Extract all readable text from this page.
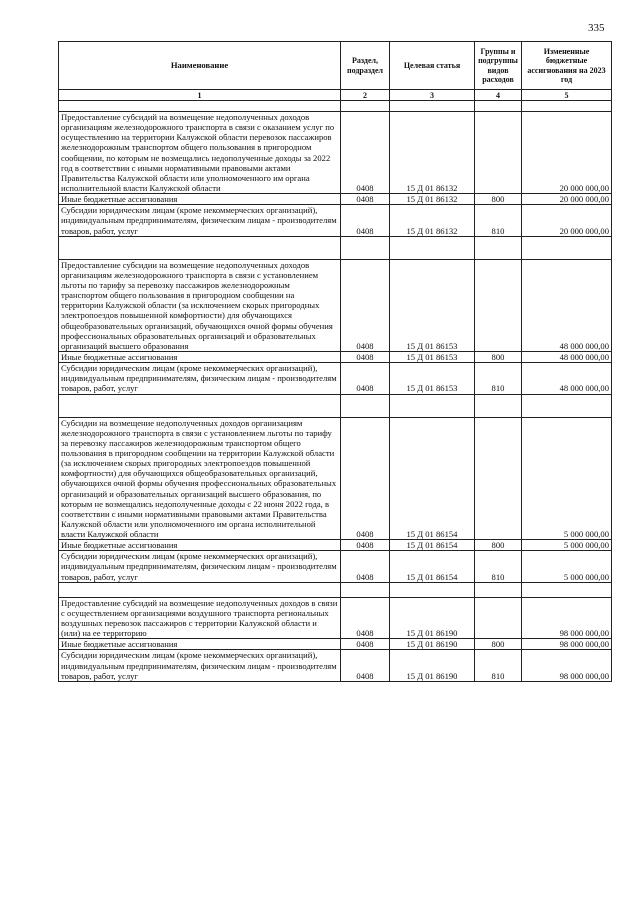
335
Наименование	Раздел, подраздел	Целевая статья	Группы и подгруппы видов расходов	Измененные бюджетные ассигнования на 2023 год
1	2	3	4	5

Предоставление субсидий на возмещение недополученных доходов организациям железнодорожного транспорта в связи с оказанием услуг по осуществлению на территории Калужской области перевозок пассажиров железнодорожным транспортом общего пользования в пригородном сообщении, по которым не возмещались недополученные доходы за 2022 год в соответствии с иными нормативными правовыми актами Правительства Калужской области или уполномоченного им органа исполнительной власти Калужской области	0408	15 Д 01 86132		20 000 000,00
Иные бюджетные ассигнования	0408	15 Д 01 86132	800	20 000 000,00
Субсидии юридическим лицам (кроме некоммерческих организаций), индивидуальным предпринимателям, физическим лицам - производителям товаров, работ, услуг	0408	15 Д 01 86132	810	20 000 000,00

Предоставление субсидии на возмещение недополученных доходов организациям железнодорожного транспорта в связи с установлением льготы по тарифу за перевозку пассажиров железнодорожным транспортом общего пользования в пригородном сообщении на территории Калужской области (за исключением скорых пригородных электропоездов повышенной комфортности) для обучающихся общеобразовательных организаций, обучающихся очной формы обучения профессиональных образовательных организаций и образовательных организаций высшего образования	0408	15 Д 01 86153		48 000 000,00
Иные бюджетные ассигнования	0408	15 Д 01 86153	800	48 000 000,00
Субсидии юридическим лицам (кроме некоммерческих организаций), индивидуальным предпринимателям, физическим лицам - производителям товаров, работ, услуг	0408	15 Д 01 86153	810	48 000 000,00

Субсидии на возмещение недополученных доходов организациям железнодорожного транспорта в связи с установлением льготы по тарифу за перевозку пассажиров железнодорожным транспортом общего пользования в пригородном сообщении на территории Калужской области (за исключением скорых пригородных электропоездов повышенной комфортности) для обучающихся общеобразовательных организаций, обучающихся очной формы обучения профессиональных образовательных организаций и образовательных организаций высшего образования, по которым не возмещались недополученные доходы с 22 июня 2022 года, в соответствии с иными нормативными правовыми актами Правительства Калужской области или уполномоченного им органа исполнительной власти Калужской области	0408	15 Д 01 86154		5 000 000,00
Иные бюджетные ассигнования	0408	15 Д 01 86154	800	5 000 000,00
Субсидии юридическим лицам (кроме некоммерческих организаций), индивидуальным предпринимателям, физическим лицам - производителям товаров, работ, услуг	0408	15 Д 01 86154	810	5 000 000,00

Предоставление субсидий на возмещение недополученных доходов в связи с осуществлением организациями воздушного транспорта региональных воздушных перевозок пассажиров с территории Калужской области и (или) на ее территорию	0408	15 Д 01 86190		98 000 000,00
Иные бюджетные ассигнования	0408	15 Д 01 86190	800	98 000 000,00
Субсидии юридическим лицам (кроме некоммерческих организаций), индивидуальным предпринимателям, физическим лицам - производителям товаров, работ, услуг	0408	15 Д 01 86190	810	98 000 000,00
